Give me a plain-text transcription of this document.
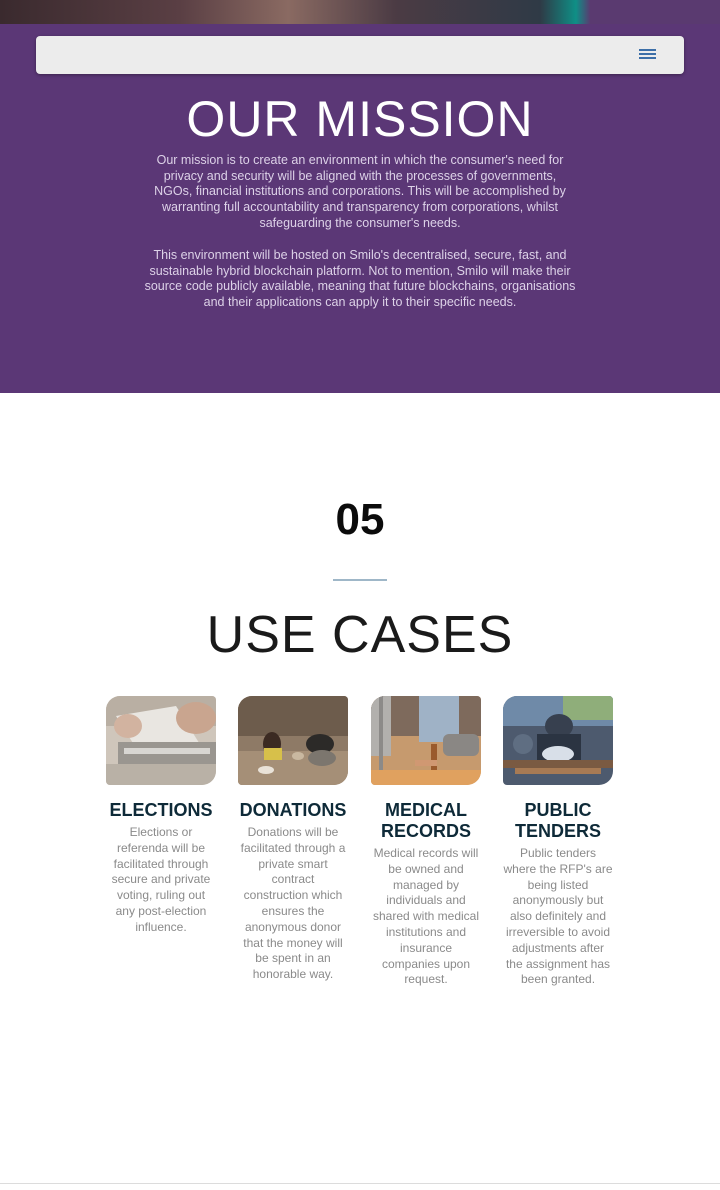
OUR MISSION

Our mission is to create an environment in which the consumer's need for privacy and security will be aligned with the processes of governments, NGOs, financial institutions and corporations. This will be accomplished by warranting full accountability and transparency from corporations, whilst safeguarding the consumer's needs.

This environment will be hosted on Smilo's decentralised, secure, fast, and sustainable hybrid blockchain platform. Not to mention, Smilo will make their source code publicly available, meaning that future blockchains, organisations and their applications can apply it to their specific needs.

05
USE CASES
ELECTIONS
Elections or referenda will be facilitated through secure and private voting, ruling out any post-election influence.
DONATIONS
Donations will be facilitated through a private smart contract construction which ensures the anonymous donor that the money will be spent in an honorable way.
MEDICAL
RECORDS
Medical records will be owned and managed by individuals and shared with medical institutions and insurance companies upon request.
PUBLIC
TENDERS
Public tenders where the RFP's are being listed anonymously but also definitely and irreversible to avoid adjustments after the assignment has been granted.
